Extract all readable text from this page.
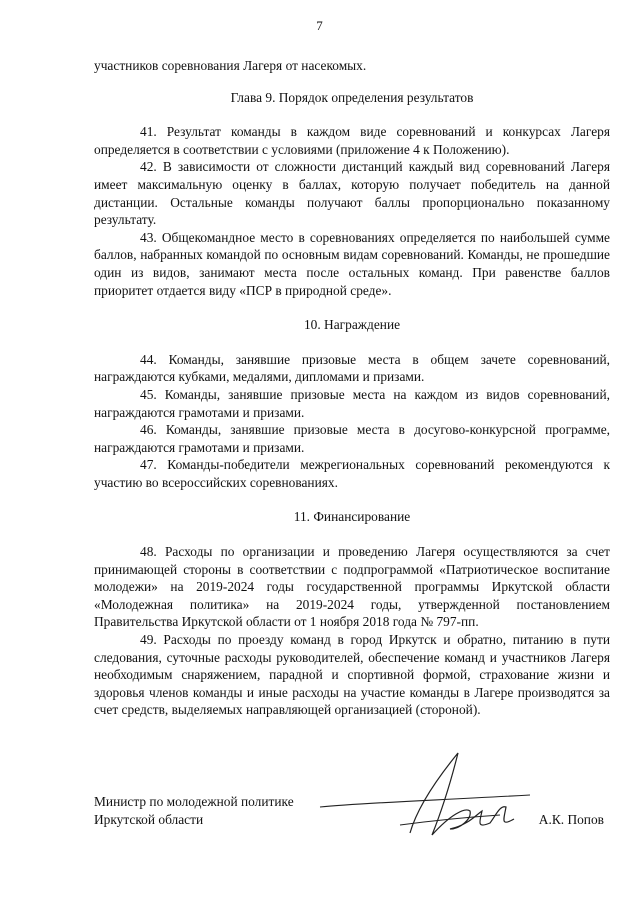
7

участников соревнования Лагеря от насекомых.

Глава 9. Порядок определения результатов

41. Результат команды в каждом виде соревнований и конкурсах Лагеря определяется в соответствии с условиями (приложение 4 к Положению).

42. В зависимости от сложности дистанций каждый вид соревнований Лагеря имеет максимальную оценку в баллах, которую получает победитель на данной дистанции. Остальные команды получают баллы пропорционально показанному результату.

43. Общекомандное место в соревнованиях определяется по наибольшей сумме баллов, набранных командой по основным видам соревнований. Команды, не прошедшие один из видов, занимают места после остальных команд. При равенстве баллов приоритет отдается виду «ПСР в природной среде».

10. Награждение

44. Команды, занявшие призовые места в общем зачете соревнований, награждаются кубками, медалями, дипломами и призами.

45. Команды, занявшие призовые места на каждом из видов соревнований, награждаются грамотами и призами.

46. Команды, занявшие призовые места в досугово-конкурсной программе, награждаются грамотами и призами.

47. Команды-победители межрегиональных соревнований рекомендуются к участию во всероссийских соревнованиях.

11. Финансирование

48. Расходы по организации и проведению Лагеря осуществляются за счет принимающей стороны в соответствии с подпрограммой «Патриотическое воспитание молодежи» на 2019-2024 годы государственной программы Иркутской области «Молодежная политика» на 2019-2024 годы, утвержденной постановлением Правительства Иркутской области от 1 ноября 2018 года № 797-пп.

49. Расходы по проезду команд в город Иркутск и обратно, питанию в пути следования, суточные расходы руководителей, обеспечение команд и участников Лагеря необходимым снаряжением, парадной и спортивной формой, страхование жизни и здоровья членов команды и иные расходы на участие команды в Лагере производятся за счет средств, выделяемых направляющей организацией (стороной).

Министр по молодежной политике
Иркутской области	А.К. Попов
